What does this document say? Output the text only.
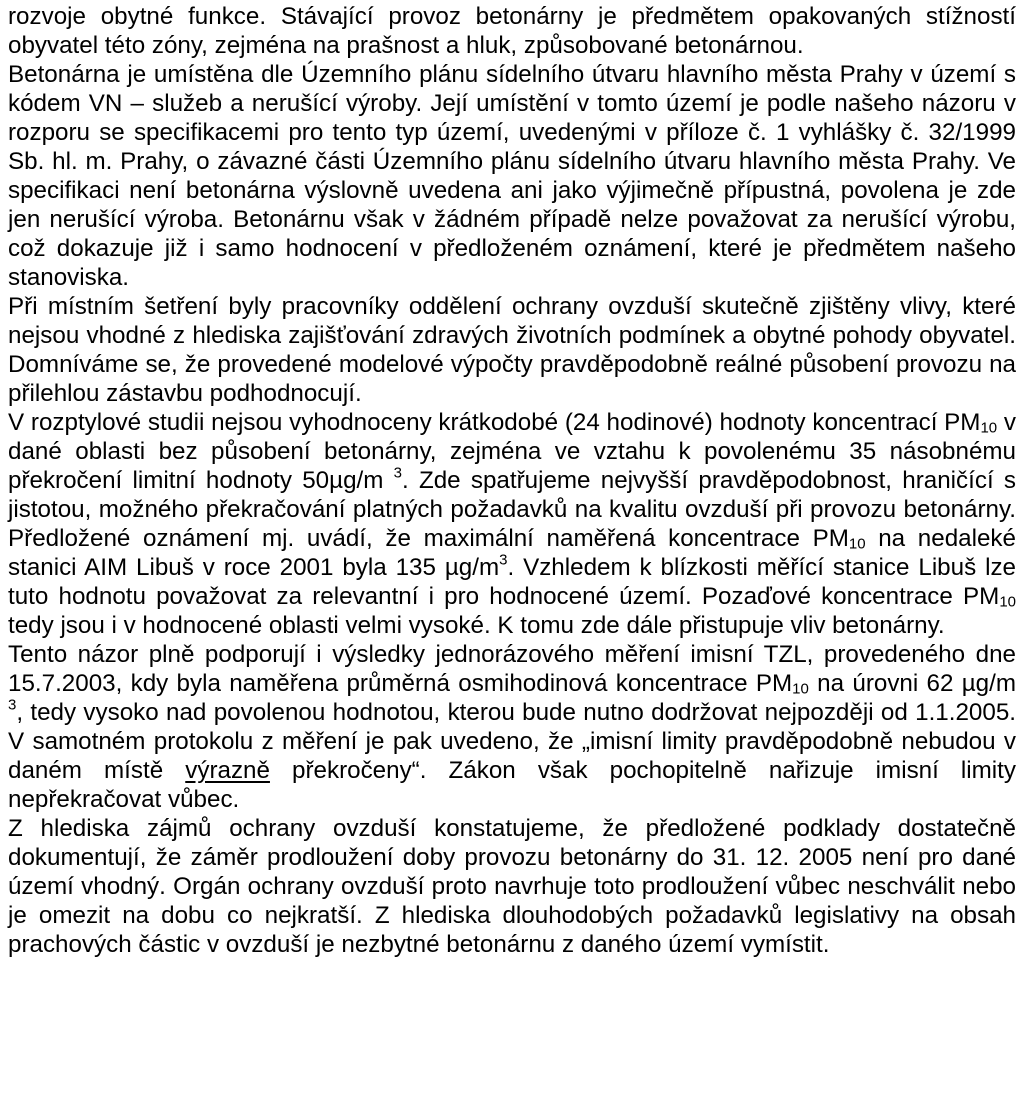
rozvoje obytné funkce. Stávající provoz betonárny je předmětem opakovaných stížností obyvatel této zóny, zejména na prašnost a hluk, způsobované betonárnou.

Betonárna je umístěna dle Územního plánu sídelního útvaru hlavního města Prahy v území s kódem VN – služeb a nerušící výroby. Její umístění v tomto území je podle našeho názoru v rozporu se specifikacemi pro tento typ území, uvedenými v příloze č. 1 vyhlášky č. 32/1999 Sb. hl. m. Prahy, o závazné části Územního plánu sídelního útvaru hlavního města Prahy. Ve specifikaci není betonárna výslovně uvedena ani jako výjimečně přípustná, povolena je zde jen nerušící výroba. Betonárnu však v žádném případě nelze považovat za nerušící výrobu, což dokazuje již i samo hodnocení v předloženém oznámení, které je předmětem našeho stanoviska.

Při místním šetření byly pracovníky oddělení ochrany ovzduší skutečně zjištěny vlivy, které nejsou vhodné z hlediska zajišťování zdravých životních podmínek a obytné pohody obyvatel. Domníváme se, že provedené modelové výpočty pravděpodobně reálné působení provozu na přilehlou zástavbu podhodnocují.

V rozptylové studii nejsou vyhodnoceny krátkodobé (24 hodinové) hodnoty koncentrací $PM_{10}$ v dané oblasti bez působení betonárny, zejména ve vztahu k povolenému 35 násobnému překročení limitní hodnoty 50µg/m $^3$. Zde spatřujeme nejvyšší pravděpodobnost, hraničící s jistotou, možného překračování platných požadavků na kvalitu ovzduší při provozu betonárny. Předložené oznámení mj. uvádí, že maximální naměřená koncentrace $PM_{10}$ na nedaleké stanici AIM Libuš v roce 2001 byla 135 $\mu g/m^3$. Vzhledem k blízkosti měřící stanice Libuš lze tuto hodnotu považovat za relevantní i pro hodnocené území. Pozaďové koncentrace $PM_{10}$ tedy jsou i v hodnocené oblasti velmi vysoké. K tomu zde dále přistupuje vliv betonárny.

Tento názor plně podporují i výsledky jednorázového měření imisní TZL, provedeného dne 15.7.2003, kdy byla naměřena průměrná osmihodinová koncentrace $PM_{10}$ na úrovni 62 µg/m $^3$, tedy vysoko nad povolenou hodnotou, kterou bude nutno dodržovat nejpozději od 1.1.2005. V samotném protokolu z měření je pak uvedeno, že „imisní limity pravděpodobně nebudou v daném místě výrazně překročeny“. Zákon však pochopitelně nařizuje imisní limity nepřekračovat vůbec.

Z hlediska zájmů ochrany ovzduší konstatujeme, že předložené podklady dostatečně dokumentují, že záměr prodloužení doby provozu betonárny do 31. 12. 2005 není pro dané území vhodný. Orgán ochrany ovzduší proto navrhuje toto prodloužení vůbec neschválit nebo je omezit na dobu co nejkratší. Z hlediska dlouhodobých požadavků legislativy na obsah prachových částic v ovzduší je nezbytné betonárnu z daného území vymístit.
